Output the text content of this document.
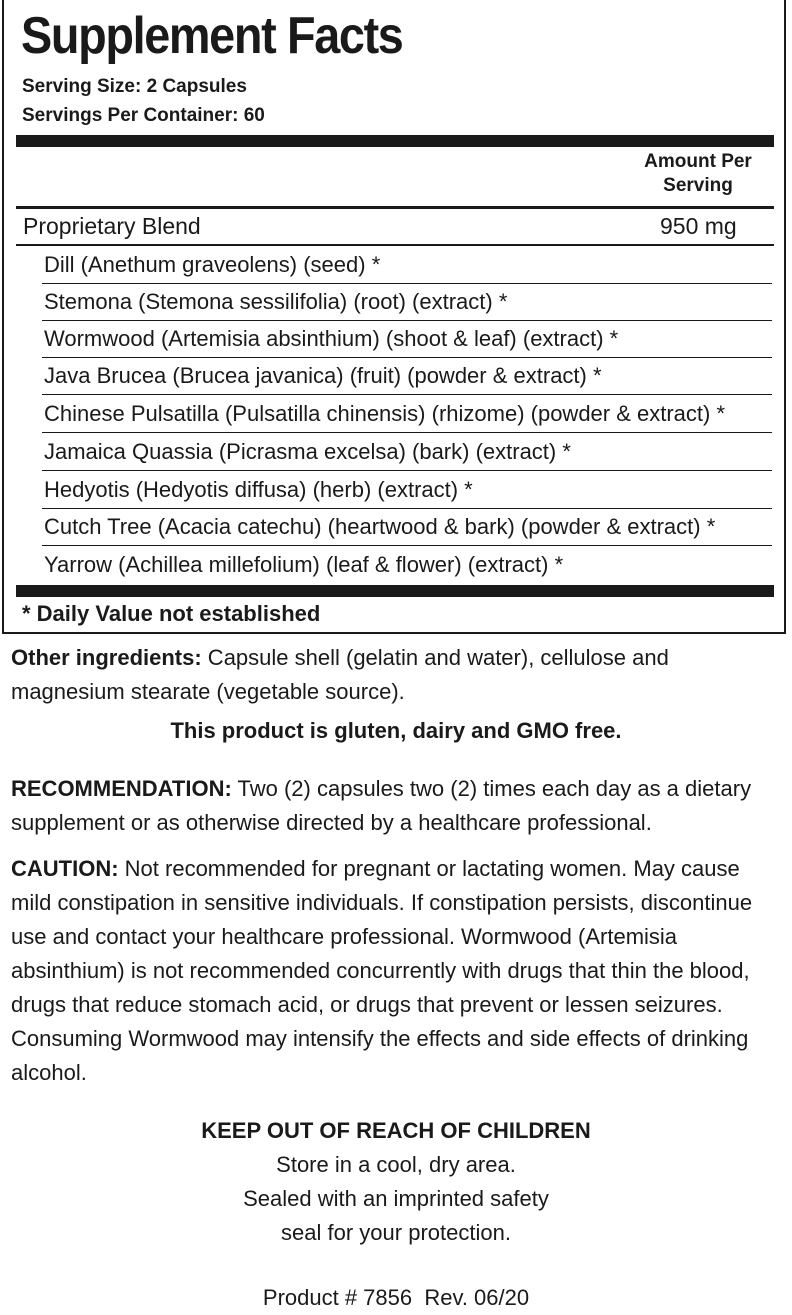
Supplement Facts
Serving Size: 2 Capsules
Servings Per Container: 60
Amount Per
Serving
Proprietary Blend	950 mg
Dill (Anethum graveolens) (seed) *
Stemona (Stemona sessilifolia) (root) (extract) *
Wormwood (Artemisia absinthium) (shoot & leaf) (extract) *
Java Brucea (Brucea javanica) (fruit) (powder & extract) *
Chinese Pulsatilla (Pulsatilla chinensis) (rhizome) (powder & extract) *
Jamaica Quassia (Picrasma excelsa) (bark) (extract) *
Hedyotis (Hedyotis diffusa) (herb) (extract) *
Cutch Tree (Acacia catechu) (heartwood & bark) (powder & extract) *
Yarrow (Achillea millefolium) (leaf & flower) (extract) *
* Daily Value not established

Other ingredients: Capsule shell (gelatin and water), cellulose and magnesium stearate (vegetable source).

This product is gluten, dairy and GMO free.

RECOMMENDATION: Two (2) capsules two (2) times each day as a dietary supplement or as otherwise directed by a healthcare professional.

CAUTION: Not recommended for pregnant or lactating women. May cause mild constipation in sensitive individuals. If constipation persists, discontinue use and contact your healthcare professional. Wormwood (Artemisia absinthium) is not recommended concurrently with drugs that thin the blood, drugs that reduce stomach acid, or drugs that prevent or lessen seizures. Consuming Wormwood may intensify the effects and side effects of drinking alcohol.

KEEP OUT OF REACH OF CHILDREN
Store in a cool, dry area.
Sealed with an imprinted safety
seal for your protection.
Product # 7856  Rev. 06/20
